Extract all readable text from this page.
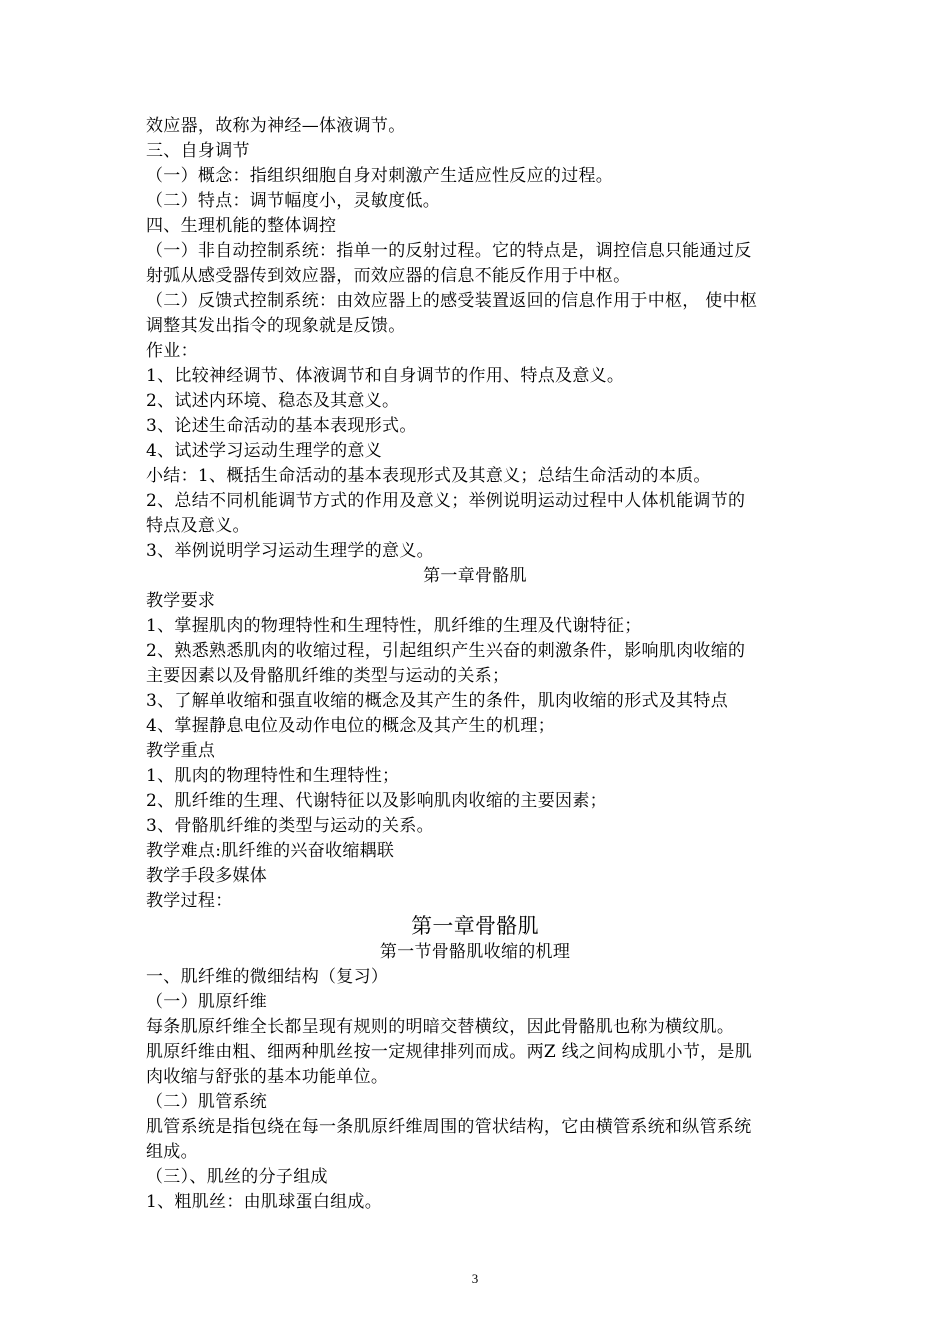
效应器，故称为神经—体液调节。
三、自身调节
（一）概念：指组织细胞自身对刺激产生适应性反应的过程。
（二）特点：调节幅度小，灵敏度低。
四、生理机能的整体调控
（一）非自动控制系统：指单一的反射过程。它的特点是，调控信息只能通过反
射弧从感受器传到效应器，而效应器的信息不能反作用于中枢。
（二）反馈式控制系统：由效应器上的感受装置返回的信息作用于中枢， 使中枢
调整其发出指令的现象就是反馈。
作业：
1、比较神经调节、体液调节和自身调节的作用、特点及意义。
2、试述内环境、稳态及其意义。
3、论述生命活动的基本表现形式。
4、试述学习运动生理学的意义
小结：1、概括生命活动的基本表现形式及其意义；总结生命活动的本质。
2、总结不同机能调节方式的作用及意义；举例说明运动过程中人体机能调节的
特点及意义。
3、举例说明学习运动生理学的意义。
第一章骨骼肌
教学要求
1、掌握肌肉的物理特性和生理特性，肌纤维的生理及代谢特征；
2、熟悉熟悉肌肉的收缩过程，引起组织产生兴奋的刺激条件，影响肌肉收缩的
主要因素以及骨骼肌纤维的类型与运动的关系；
3、了解单收缩和强直收缩的概念及其产生的条件，肌肉收缩的形式及其特点
4、掌握静息电位及动作电位的概念及其产生的机理；
教学重点
1、肌肉的物理特性和生理特性；
2、肌纤维的生理、代谢特征以及影响肌肉收缩的主要因素；
3、骨骼肌纤维的类型与运动的关系。
教学难点:肌纤维的兴奋收缩耦联
教学手段多媒体
教学过程：
第一章骨骼肌
第一节骨骼肌收缩的机理
一、肌纤维的微细结构（复习）
（一）肌原纤维
每条肌原纤维全长都呈现有规则的明暗交替横纹，因此骨骼肌也称为横纹肌。
肌原纤维由粗、细两种肌丝按一定规律排列而成。两Z 线之间构成肌小节，是肌
肉收缩与舒张的基本功能单位。
（二）肌管系统
肌管系统是指包绕在每一条肌原纤维周围的管状结构，它由横管系统和纵管系统
组成。
（三）、肌丝的分子组成
1、粗肌丝：由肌球蛋白组成。
3
